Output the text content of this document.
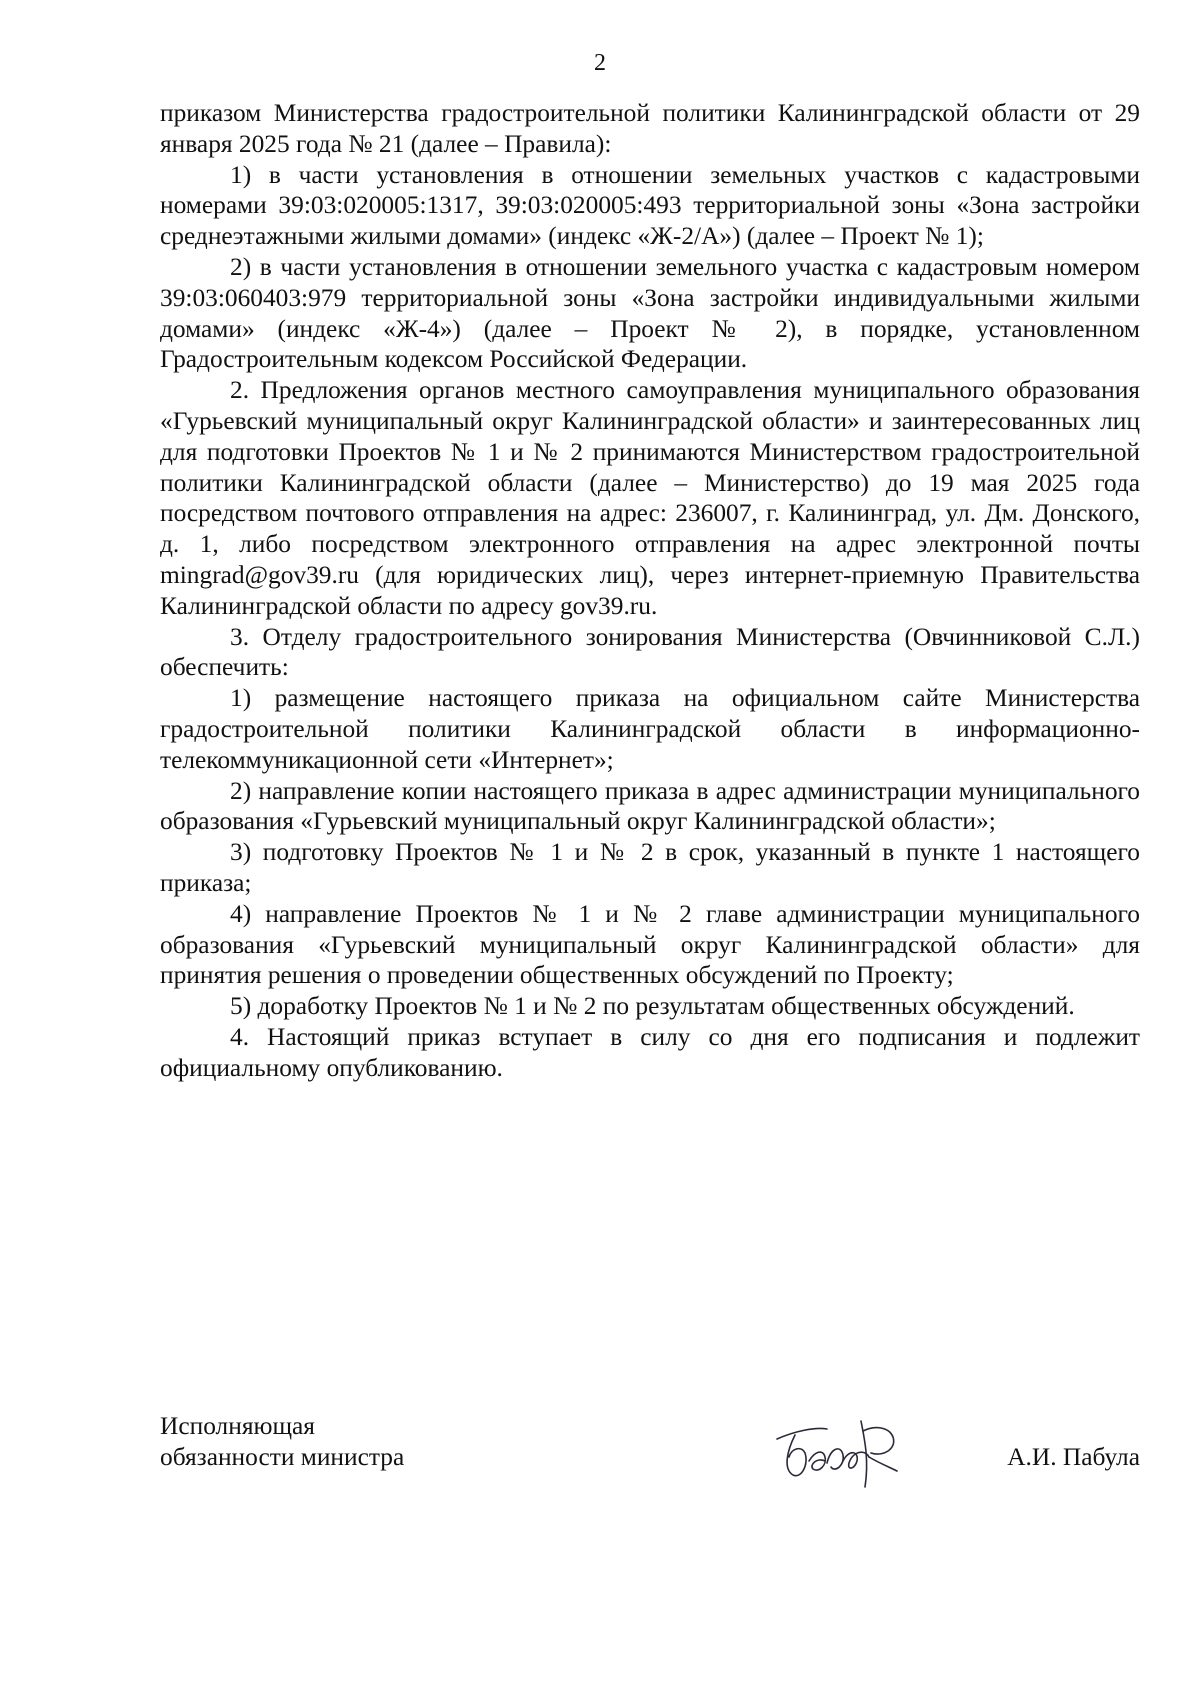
2

приказом Министерства градостроительной политики Калининградской области от 29 января 2025 года № 21 (далее – Правила):

1) в части установления в отношении земельных участков с кадастровыми номерами 39:03:020005:1317, 39:03:020005:493 территориальной зоны «Зона застройки среднеэтажными жилыми домами» (индекс «Ж-2/А») (далее – Проект № 1);

2) в части установления в отношении земельного участка с кадастровым номером 39:03:060403:979 территориальной зоны «Зона застройки индивидуальными жилыми домами» (индекс «Ж-4») (далее – Проект № 2), в порядке, установленном Градостроительным кодексом Российской Федерации.

2. Предложения органов местного самоуправления муниципального образования «Гурьевский муниципальный округ Калининградской области» и заинтересованных лиц для подготовки Проектов № 1 и № 2 принимаются Министерством градостроительной политики Калининградской области (далее – Министерство) до 19 мая 2025 года посредством почтового отправления на адрес: 236007, г. Калининград, ул. Дм. Донского, д. 1, либо посредством электронного отправления на адрес электронной почты mingrad@gov39.ru (для юридических лиц), через интернет-приемную Правительства Калининградской области по адресу gov39.ru.

3. Отделу градостроительного зонирования Министерства (Овчинниковой С.Л.) обеспечить:

1) размещение настоящего приказа на официальном сайте Министерства градостроительной политики Калининградской области в информационно-телекоммуникационной сети «Интернет»;

2) направление копии настоящего приказа в адрес администрации муниципального образования «Гурьевский муниципальный округ Калининградской области»;

3) подготовку Проектов № 1 и № 2 в срок, указанный в пункте 1 настоящего приказа;

4) направление Проектов № 1 и № 2 главе администрации муниципального образования «Гурьевский муниципальный округ Калининградской области» для принятия решения о проведении общественных обсуждений по Проекту;

5) доработку Проектов № 1 и № 2 по результатам общественных обсуждений.

4. Настоящий приказ вступает в силу со дня его подписания и подлежит официальному опубликованию.

Исполняющая
обязанности министра	А.И. Пабула
